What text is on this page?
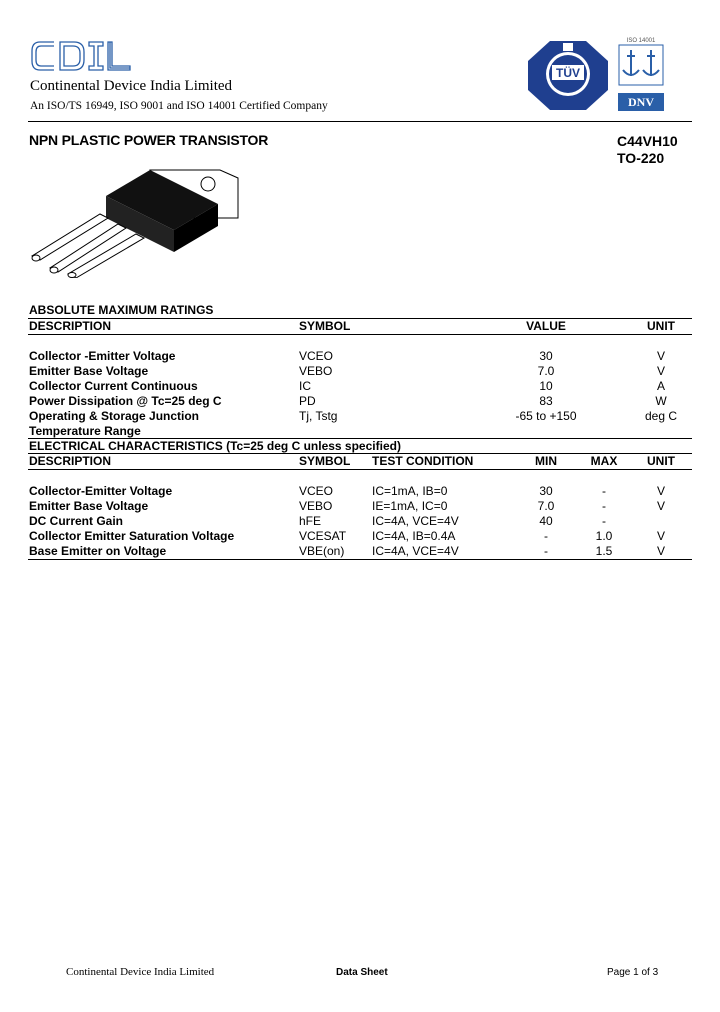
Continental Device India Limited
An ISO/TS 16949, ISO 9001 and ISO 14001 Certified Company
TÜV
ISO 14001
DNV
NPN PLASTIC POWER TRANSISTOR	C44VH10
TO-220
ABSOLUTE MAXIMUM RATINGS
DESCRIPTION	SYMBOL	VALUE	UNIT
Collector -Emitter Voltage	VCEO	30	V
Emitter Base Voltage	VEBO	7.0	V
Collector Current Continuous	IC	10	A
Power Dissipation @ Tc=25 deg C	PD	83	W
Operating & Storage Junction	Tj, Tstg	-65 to +150	deg C
Temperature Range
ELECTRICAL CHARACTERISTICS (Tc=25 deg C unless specified)
DESCRIPTION	SYMBOL TEST CONDITION	MIN	MAX	UNIT
Collector-Emitter Voltage	VCEO	IC=1mA, IB=0	30	-	V
Emitter Base Voltage	VEBO	IE=1mA, IC=0	7.0	-	V
DC Current Gain	hFE	IC=4A, VCE=4V	40	-
Collector Emitter Saturation Voltage	VCESAT IC=4A, IB=0.4A	-	1.0	V
Base Emitter on Voltage	VBE(on) IC=4A, VCE=4V	-	1.5	V
Continental Device India Limited	Data Sheet	Page 1 of 3
